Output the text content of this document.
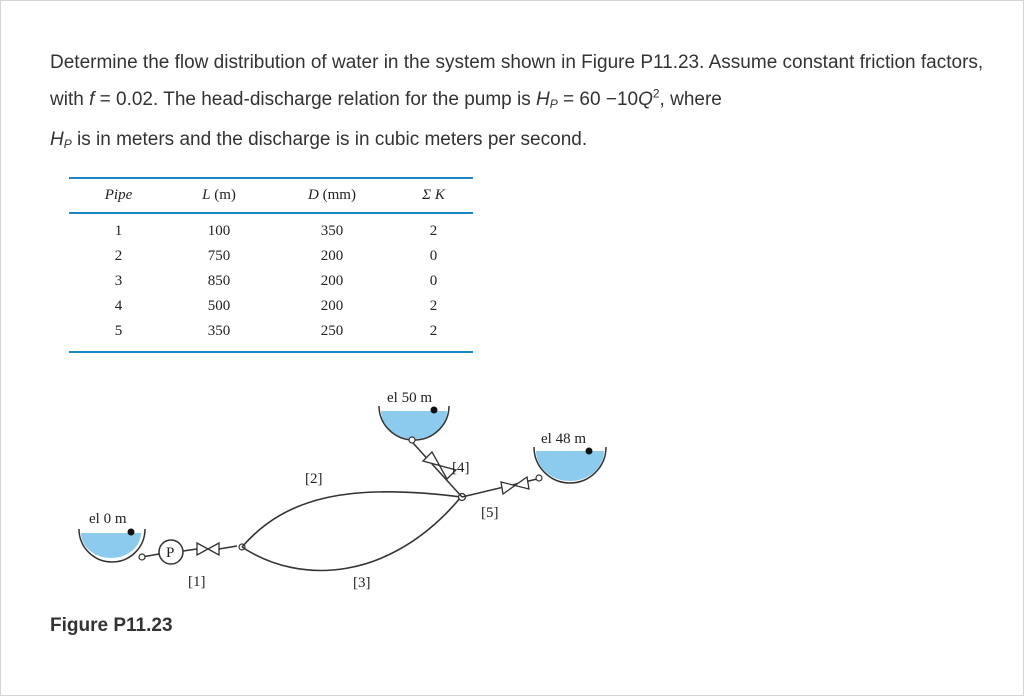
Determine the flow distribution of water in the system shown in Figure P11.23. Assume constant friction factors, with f = 0.02. The head-discharge relation for the pump is HP = $60 -10Q^2$, where
HP is in meters and the discharge is in cubic meters per second.

Pipe	L (m)	D (mm)	Σ K
1	100	350	2
2	750	200	0
3	850	200	0
4	500	200	2
5	350	250	2
el 0 m
P
[1]
[2]
[3]
el 50 m
[4]
el 48 m
[5]
Figure P11.23
